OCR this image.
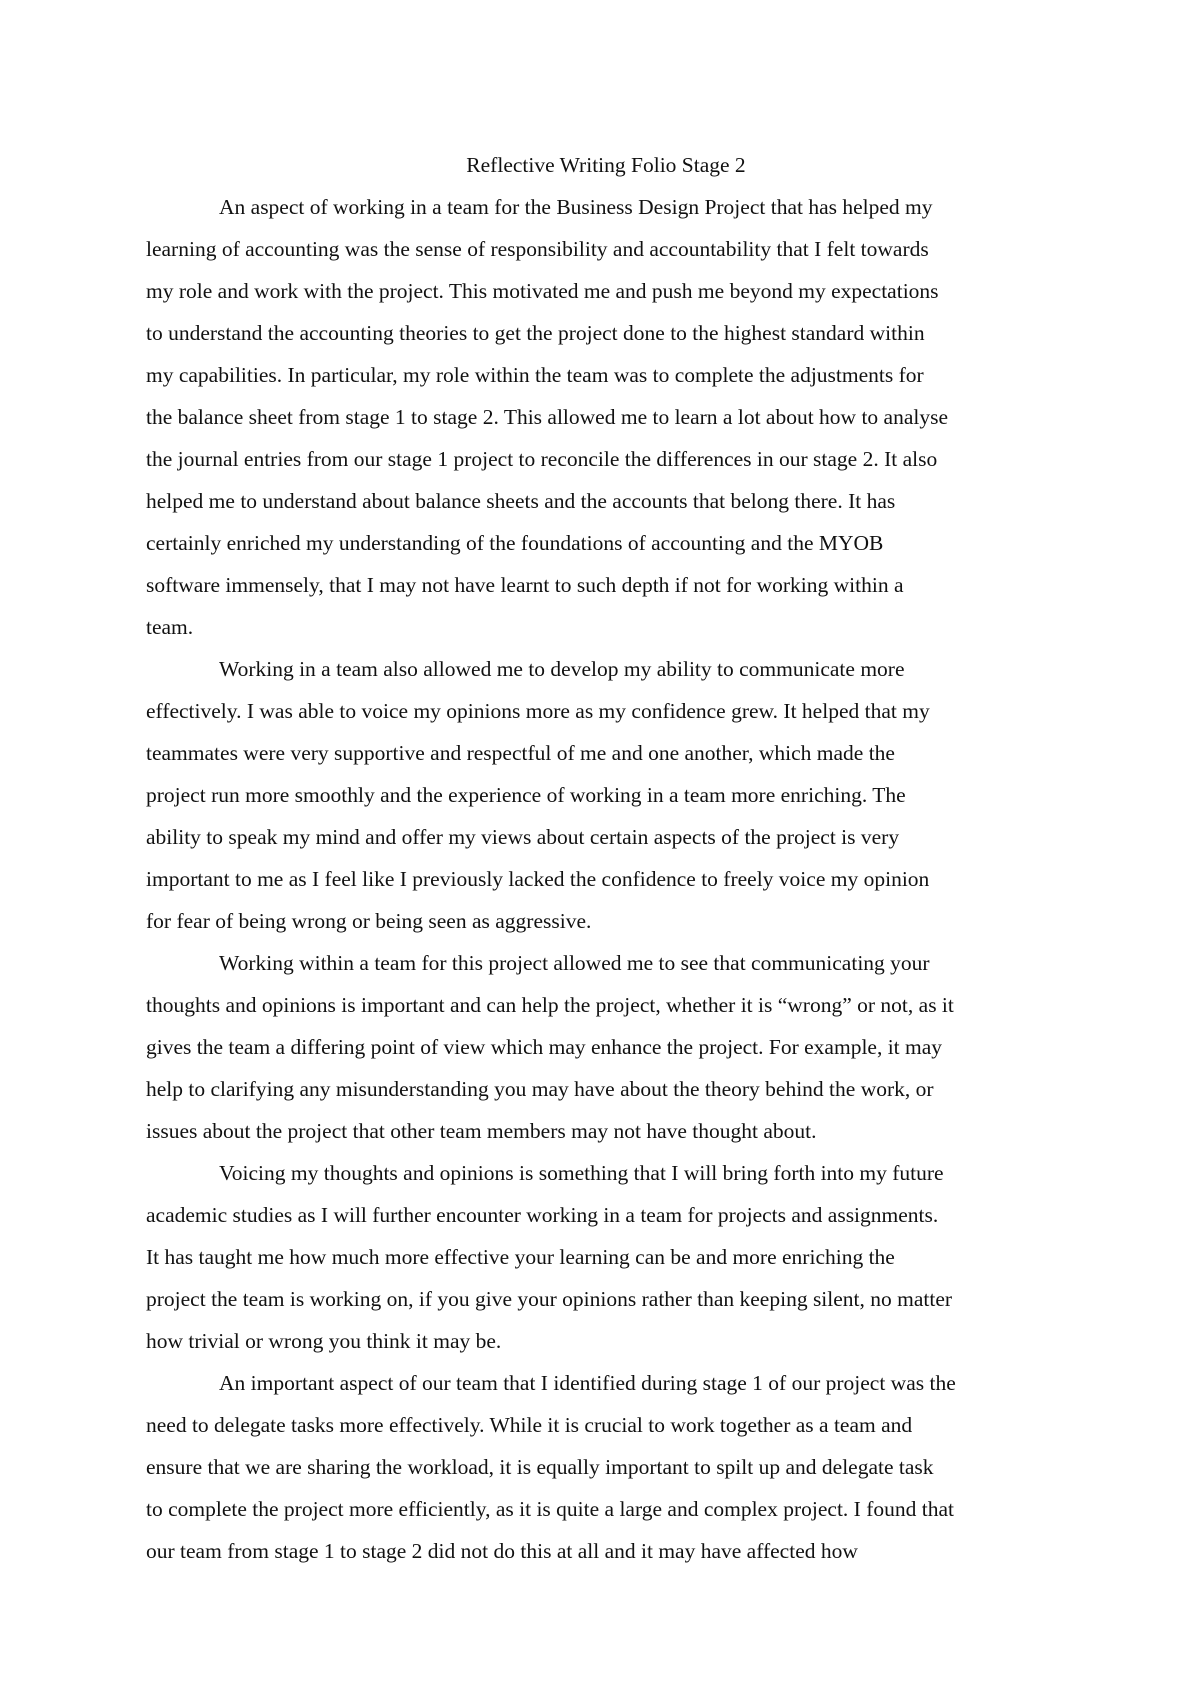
Reflective Writing Folio Stage 2

An aspect of working in a team for the Business Design Project that has helped my
learning of accounting was the sense of responsibility and accountability that I felt towards
my role and work with the project. This motivated me and push me beyond my expectations
to understand the accounting theories to get the project done to the highest standard within
my capabilities. In particular, my role within the team was to complete the adjustments for
the balance sheet from stage 1 to stage 2. This allowed me to learn a lot about how to analyse
the journal entries from our stage 1 project to reconcile the differences in our stage 2. It also
helped me to understand about balance sheets and the accounts that belong there. It has
certainly enriched my understanding of the foundations of accounting and the MYOB
software immensely, that I may not have learnt to such depth if not for working within a
team.

Working in a team also allowed me to develop my ability to communicate more
effectively. I was able to voice my opinions more as my confidence grew. It helped that my
teammates were very supportive and respectful of me and one another, which made the
project run more smoothly and the experience of working in a team more enriching. The
ability to speak my mind and offer my views about certain aspects of the project is very
important to me as I feel like I previously lacked the confidence to freely voice my opinion
for fear of being wrong or being seen as aggressive.

Working within a team for this project allowed me to see that communicating your
thoughts and opinions is important and can help the project, whether it is “wrong” or not, as it
gives the team a differing point of view which may enhance the project. For example, it may
help to clarifying any misunderstanding you may have about the theory behind the work, or
issues about the project that other team members may not have thought about.

Voicing my thoughts and opinions is something that I will bring forth into my future
academic studies as I will further encounter working in a team for projects and assignments.
It has taught me how much more effective your learning can be and more enriching the
project the team is working on, if you give your opinions rather than keeping silent, no matter
how trivial or wrong you think it may be.

An important aspect of our team that I identified during stage 1 of our project was the
need to delegate tasks more effectively. While it is crucial to work together as a team and
ensure that we are sharing the workload, it is equally important to spilt up and delegate task
to complete the project more efficiently, as it is quite a large and complex project. I found that
our team from stage 1 to stage 2 did not do this at all and it may have affected how
